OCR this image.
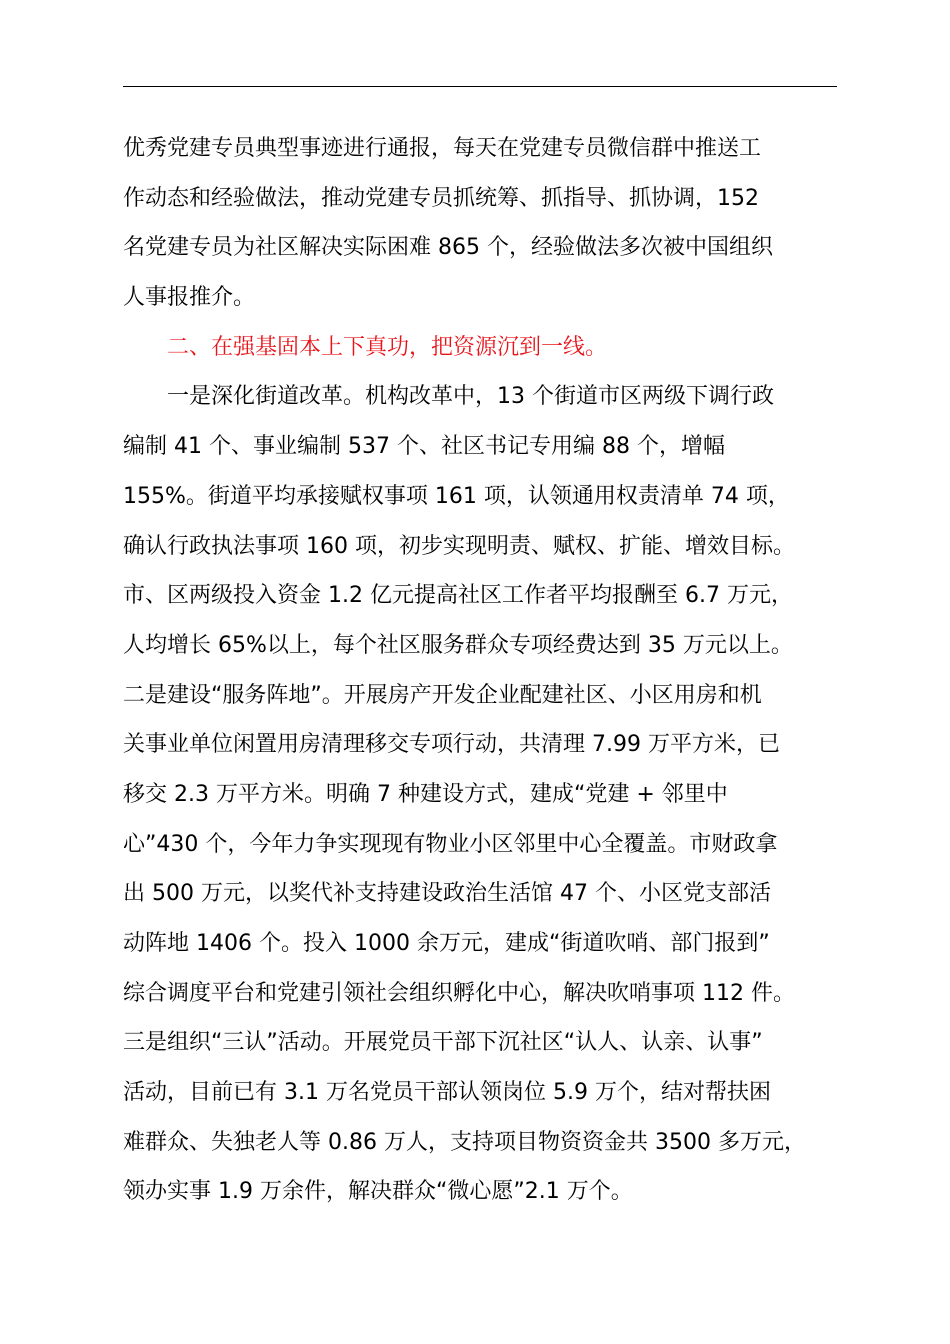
优秀党建专员典型事迹进行通报，每天在党建专员微信群中推送工
作动态和经验做法，推动党建专员抓统筹、抓指导、抓协调，152
名党建专员为社区解决实际困难 865 个，经验做法多次被中国组织
人事报推介。
二、在强基固本上下真功，把资源沉到一线。
一是深化街道改革。机构改革中，13 个街道市区两级下调行政
编制 41 个、事业编制 537 个、社区书记专用编 88 个，增幅
155%。街道平均承接赋权事项 161 项，认领通用权责清单 74 项，
确认行政执法事项 160 项，初步实现明责、赋权、扩能、增效目标。
市、区两级投入资金 1.2 亿元提高社区工作者平均报酬至 6.7 万元，
人均增长 65%以上，每个社区服务群众专项经费达到 35 万元以上。
二是建设“服务阵地”。开展房产开发企业配建社区、小区用房和机
关事业单位闲置用房清理移交专项行动，共清理 7.99 万平方米，已
移交 2.3 万平方米。明确 7 种建设方式，建成“党建 + 邻里中
心”430 个，今年力争实现现有物业小区邻里中心全覆盖。市财政拿
出 500 万元，以奖代补支持建设政治生活馆 47 个、小区党支部活
动阵地 1406 个。投入 1000 余万元，建成“街道吹哨、部门报到”
综合调度平台和党建引领社会组织孵化中心，解决吹哨事项 112 件。
三是组织“三认”活动。开展党员干部下沉社区“认人、认亲、认事”
活动，目前已有 3.1 万名党员干部认领岗位 5.9 万个，结对帮扶困
难群众、失独老人等 0.86 万人，支持项目物资资金共 3500 多万元，
领办实事 1.9 万余件，解决群众“微心愿”2.1 万个。
